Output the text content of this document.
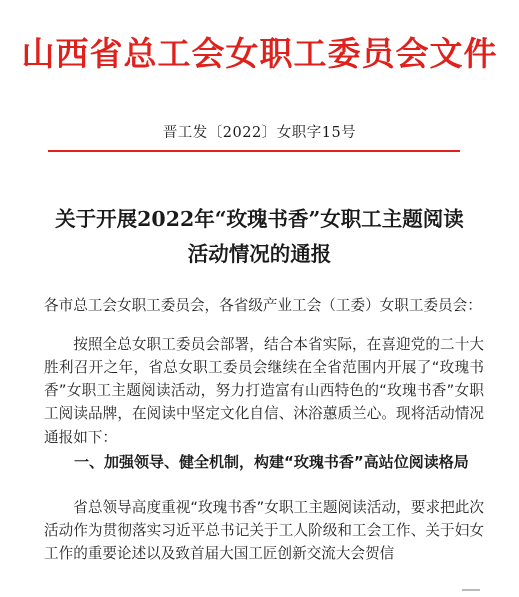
山西省总工会女职工委员会文件
晋工发〔2022〕女职字15号
关于开展2022年“玫瑰书香”女职工主题阅读
活动情况的通报
各市总工会女职工委员会，各省级产业工会（工委）女职工委员会：

按照全总女职工委员会部署，结合本省实际，在喜迎党的二十大胜利召开之年，省总女职工委员会继续在全省范围内开展了“玫瑰书香”女职工主题阅读活动，努力打造富有山西特色的“玫瑰书香”女职工阅读品牌，在阅读中坚定文化自信、沐浴蕙质兰心。现将活动情况通报如下：

一、加强领导、健全机制，构建“玫瑰书香”高站位阅读格局

省总领导高度重视“玫瑰书香”女职工主题阅读活动，要求把此次活动作为贯彻落实习近平总书记关于工人阶级和工会工作、关于妇女工作的重要论述以及致首届大国工匠创新交流大会贺信
